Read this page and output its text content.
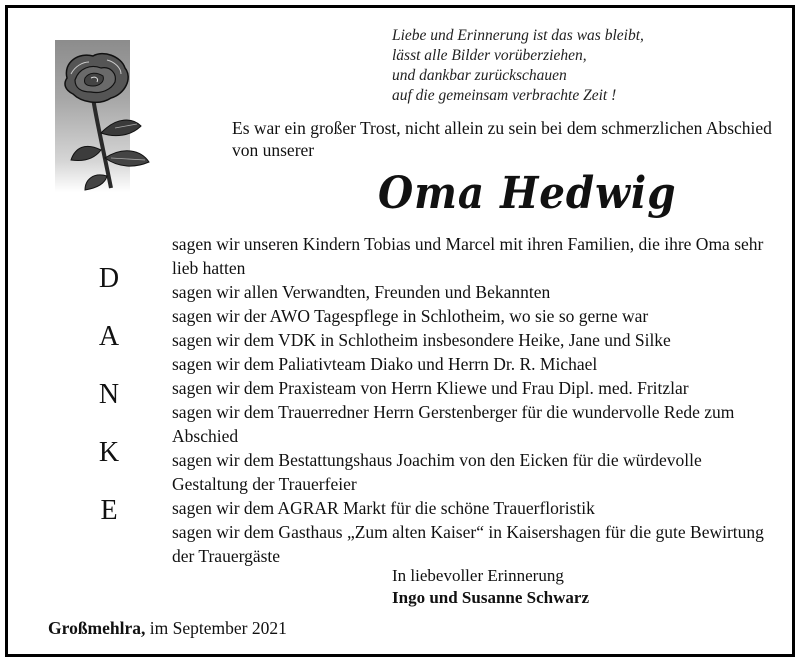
Liebe und Erinnerung ist das was bleibt,
lässt alle Bilder vorüberziehen,
und dankbar zurückschauen
auf die gemeinsam verbrachte Zeit !
Es war ein großer Trost, nicht allein zu sein bei dem schmerzlichen Abschied von unserer
Oma Hedwig
D
A
N
K
E
sagen wir unseren Kindern Tobias und Marcel mit ihren Familien, die ihre Oma sehr lieb hatten
sagen wir allen Verwandten, Freunden und Bekannten
sagen wir der AWO Tagespflege in Schlotheim, wo sie so gerne war
sagen wir dem VDK in Schlotheim insbesondere Heike, Jane und Silke
sagen wir dem Paliativteam Diako und Herrn Dr. R. Michael
sagen wir dem Praxisteam von Herrn Kliewe und Frau Dipl. med. Fritzlar
sagen wir dem Trauerredner Herrn Gerstenberger für die wundervolle Rede zum Abschied
sagen wir dem Bestattungshaus Joachim von den Eicken für die würdevolle Gestaltung der Trauerfeier
sagen wir dem AGRAR Markt für die schöne Trauerfloristik
sagen wir dem Gasthaus „Zum alten Kaiser“ in Kaisershagen für die gute Bewirtung der Trauergäste
In liebevoller Erinnerung
Ingo und Susanne Schwarz
Großmehlra, im September 2021
